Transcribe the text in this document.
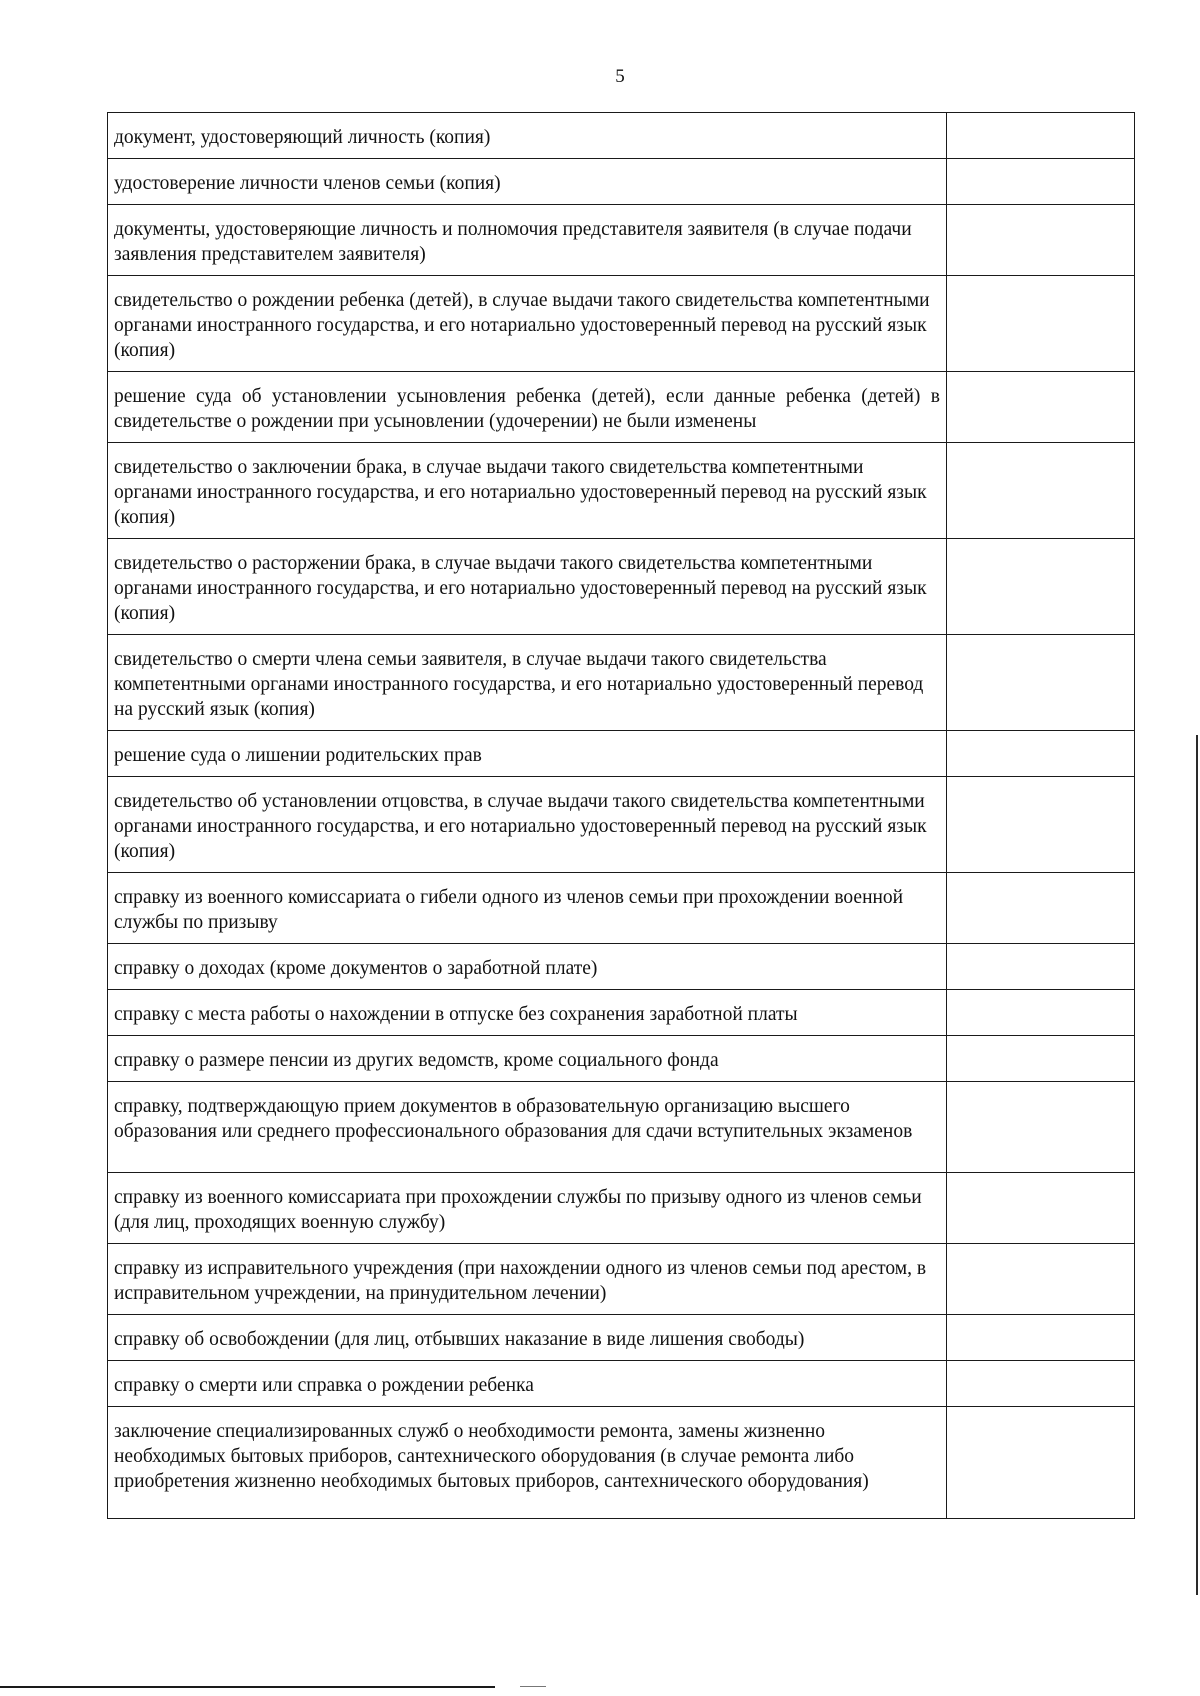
5
документ, удостоверяющий личность (копия)	
удостоверение личности членов семьи (копия)	
документы, удостоверяющие личность и полномочия представителя заявителя (в случае подачи заявления представителем заявителя)	
свидетельство о рождении ребенка (детей), в случае выдачи такого свидетельства компетентными органами иностранного государства, и его нотариально удостоверенный перевод на русский язык (копия)	
решение суда об установлении усыновления ребенка (детей), если данные ребенка (детей) в свидетельстве о рождении при усыновлении (удочерении) не были изменены	
свидетельство о заключении брака, в случае выдачи такого свидетельства компетентными органами иностранного государства, и его нотариально удостоверенный перевод на русский язык (копия)	
свидетельство о расторжении брака, в случае выдачи такого свидетельства компетентными органами иностранного государства, и его нотариально удостоверенный перевод на русский язык (копия)	
свидетельство о смерти члена семьи заявителя, в случае выдачи такого свидетельства компетентными органами иностранного государства, и его нотариально удостоверенный перевод на русский язык (копия)	
решение суда о лишении родительских прав	
свидетельство об установлении отцовства, в случае выдачи такого свидетельства компетентными органами иностранного государства, и его нотариально удостоверенный перевод на русский язык (копия)	
справку из военного комиссариата о гибели одного из членов семьи при прохождении военной службы по призыву	
справку о доходах (кроме документов о заработной плате)	
справку с места работы о нахождении в отпуске без сохранения заработной платы	
справку о размере пенсии из других ведомств, кроме социального фонда	
справку, подтверждающую прием документов в образовательную организацию высшего образования или среднего профессионального образования для сдачи вступительных экзаменов	
справку из военного комиссариата при прохождении службы по призыву одного из членов семьи (для лиц, проходящих военную службу)	
справку из исправительного учреждения (при нахождении одного из членов семьи под арестом, в исправительном учреждении, на принудительном лечении)	
справку об освобождении (для лиц, отбывших наказание в виде лишения свободы)	
справку о смерти или справка о рождении ребенка	
заключение специализированных служб о необходимости ремонта, замены жизненно необходимых бытовых приборов, сантехнического оборудования (в случае ремонта либо приобретения жизненно необходимых бытовых приборов, сантехнического оборудования)	
